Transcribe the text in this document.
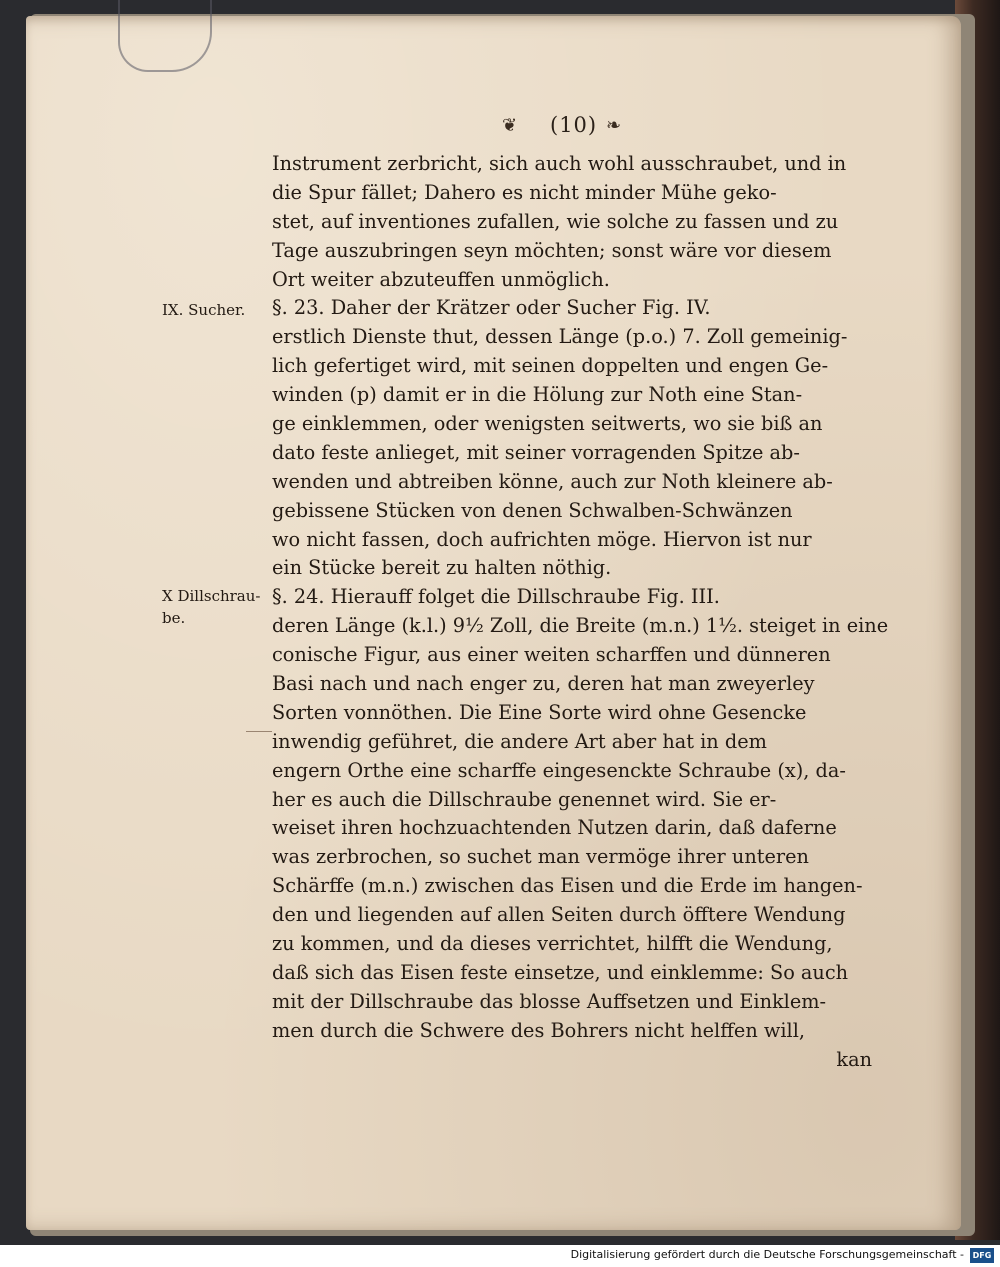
❦ (10) ❧
IX. Sucher.
X Dillschrau-
be.
Instrument zerbricht, sich auch wohl ausschraubet, und in
die Spur fället; Dahero es nicht minder Mühe geko-
stet, auf inventiones zufallen, wie solche zu fassen und zu
Tage auszubringen seyn möchten; sonst wäre vor diesem
Ort weiter abzuteuffen unmöglich.
§. 23. Daher der Krätzer oder Sucher Fig. IV.
erstlich Dienste thut, dessen Länge (p.o.) 7. Zoll gemeinig-
lich gefertiget wird, mit seinen doppelten und engen Ge-
winden (p) damit er in die Hölung zur Noth eine Stan-
ge einklemmen, oder wenigsten seitwerts, wo sie biß an
dato feste anlieget, mit seiner vorragenden Spitze ab-
wenden und abtreiben könne, auch zur Noth kleinere ab-
gebissene Stücken von denen Schwalben-Schwänzen
wo nicht fassen, doch aufrichten möge. Hiervon ist nur
ein Stücke bereit zu halten nöthig.
§. 24. Hierauff folget die Dillschraube Fig. III.
deren Länge (k.l.) 9½ Zoll, die Breite (m.n.) 1½. steiget in eine
conische Figur, aus einer weiten scharffen und dünneren
Basi nach und nach enger zu, deren hat man zweyerley
Sorten vonnöthen. Die Eine Sorte wird ohne Gesencke
inwendig geführet, die andere Art aber hat in dem
engern Orthe eine scharffe eingesenckte Schraube (x), da-
her es auch die Dillschraube genennet wird. Sie er-
weiset ihren hochzuachtenden Nutzen darin, daß daferne
was zerbrochen, so suchet man vermöge ihrer unteren
Schärffe (m.n.) zwischen das Eisen und die Erde im hangen-
den und liegenden auf allen Seiten durch öfftere Wendung
zu kommen, und da dieses verrichtet, hilfft die Wendung,
daß sich das Eisen feste einsetze, und einklemme: So auch
mit der Dillschraube das blosse Auffsetzen und Einklem-
men durch die Schwere des Bohrers nicht helffen will,
kan
Digitalisierung gefördert durch die Deutsche Forschungsgemeinschaft -	DFG
